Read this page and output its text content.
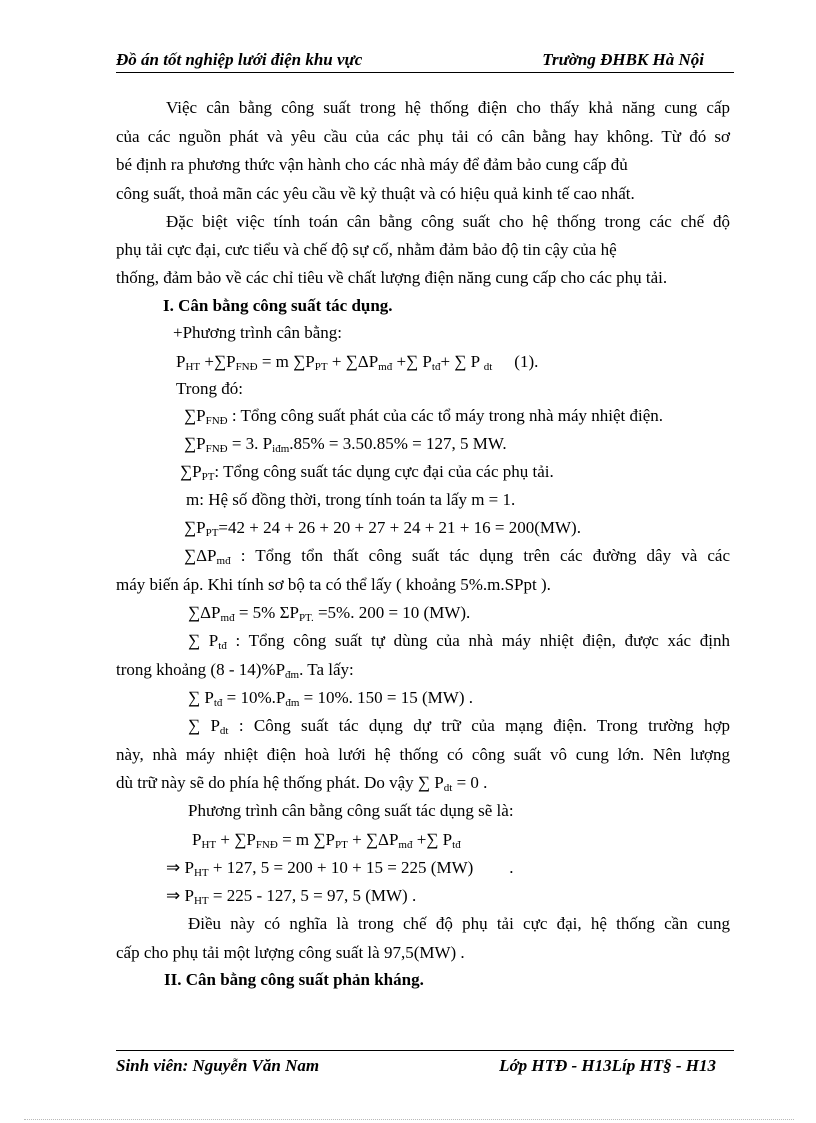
Đồ án tốt nghiệp lưới điện khu vực	Trường ĐHBK Hà Nội
Việc cân bằng công suất trong hệ thống điện cho thấy khả năng cung cấp
của các nguồn phát và yêu cầu của các phụ tải có cân bằng hay không. Từ đó sơ
bé định ra phương thức vận hành cho các nhà máy để đảm bảo cung cấp đủ
công suất, thoả mãn các yêu cầu về kỷ thuật và có hiệu quả kinh tế cao nhất.
Đặc biệt việc tính toán cân bằng công suất cho hệ thống trong các chế độ
phụ tải cực đại, cưc tiểu và chế độ sự cố, nhằm đảm bảo độ tin cậy của hệ
thống, đảm bảo về các chỉ tiêu về chất lượng điện năng cung cấp cho các phụ tải.
I. Cân bằng công suất tác dụng.
+Phương trình cân bằng:
$P_{HT} +\sum P_{FNĐ} = m$ $\sum P_{PT} + \sum\Delta P_{mđ}$ +∑ $P_{tđ}+$ ∑ P $_{dt}$ (1).
Trong đó:
$\sum P_{FNĐ}$ : Tổng công suất phát của các tổ máy trong nhà máy nhiệt điện.
$\sum P_{FNĐ} = 3$. $P_{iđm}.85\% = 3.50.85\% = 127$, 5 MW.
$\sum P_{PT}$: Tổng công suất tác dụng cực đại của các phụ tải.
m: Hệ số đồng thời, trong tính toán ta lấy m = 1.
$\sum P_{PT}=42 + 24 + 26 + 20 + 27 + 24 + 21 + 16 = 200(MW)$.
$\sum\Delta P_{mđ}$ : Tổng tổn thất công suất tác dụng trên các đường dây và các
máy biến áp. Khi tính sơ bộ ta có thể lấy ( khoảng 5%.m.SPpt ).
$\sum\Delta P_{mđ} = 5\%$ $\Sigma P_{PT.} =5\%$. 200 = 10 (MW).
∑ $P_{tđ}$ : Tổng công suất tự dùng của nhà máy nhiệt điện, được xác định
trong khoảng $(8 - 14)\%P_{đm}$. Ta lấy:
∑ $P_{tđ} = 10\%.P_{đm} = 10\%$. 150 = 15 (MW) .
∑ $P_{dt}$ : Công suất tác dụng dự trữ của mạng điện. Trong trường hợp
này, nhà máy nhiệt điện hoà lưới hệ thống có công suất vô cung lớn. Nên lượng
dù trữ này sẽ do phía hệ thống phát. Do vậy ∑ $P_{dt} = 0$ .
Phương trình cân bằng công suất tác dụng sẽ là:
$P_{HT} + \sum P_{FNĐ} = m$ $\sum P_{PT} + \sum\Delta P_{mđ}$ +∑ $P_{tđ}$
⇒ $P_{HT} + 127$, 5 = 200 + 10 + 15 = 225 (MW) .
⇒ $P_{HT} = 225 - 127$, 5 = 97, 5 (MW) .
Điều này có nghĩa là trong chế độ phụ tải cực đại, hệ thống cần cung
cấp cho phụ tải một lượng công suất là 97,5(MW) .
II. Cân bằng công suất phản kháng.
Sinh viên: Nguyễn Văn Nam	Lớp HTĐ - H13Líp HT§ - H13
